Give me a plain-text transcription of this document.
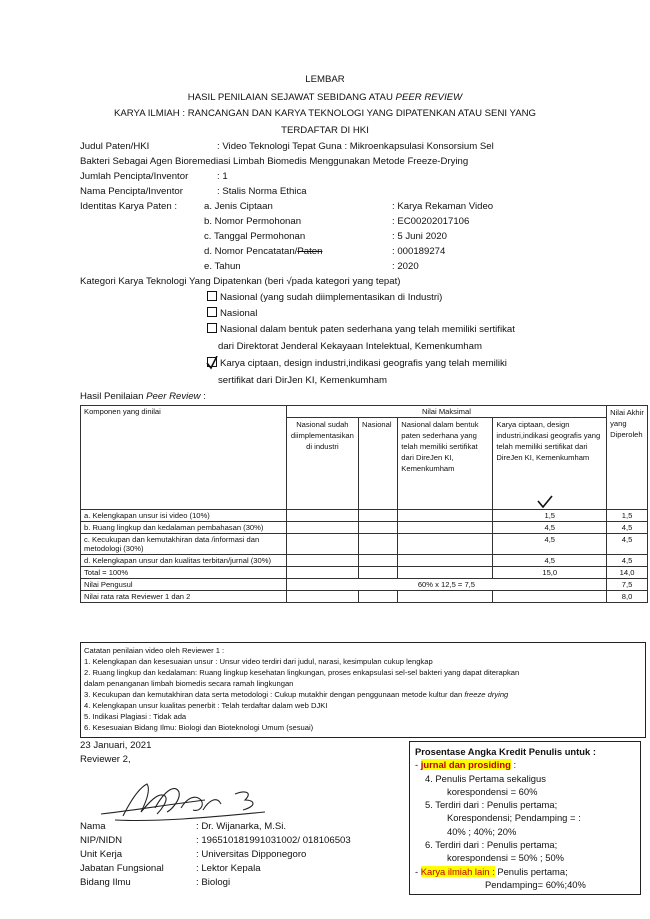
LEMBAR
HASIL PENILAIAN SEJAWAT SEBIDANG ATAU PEER REVIEW
KARYA ILMIAH : RANCANGAN DAN KARYA TEKNOLOGI YANG DIPATENKAN ATAU SENI YANG
TERDAFTAR DI HKI
Judul Paten/HKI	: Video Teknologi Tepat Guna : Mikroenkapsulasi Konsorsium Sel
Bakteri Sebagai Agen Bioremediasi Limbah Biomedis Menggunakan Metode Freeze-Drying
Jumlah Pencipta/Inventor	: 1
Nama Pencipta/Inventor	: Stalis Norma Ethica
Identitas Karya Paten :	a. Jenis Ciptaan	: Karya Rekaman Video
b. Nomor Permohonan	: EC00202017106
c. Tanggal Permohonan	: 5 Juni 2020
d. Nomor Pencatatan/Paten	: 000189274
e. Tahun	: 2020
Kategori Karya Teknologi Yang Dipatenkan (beri √pada kategori yang tepat)
Nasional (yang sudah diimplementasikan di Industri)
Nasional
Nasional dalam bentuk paten sederhana yang telah memiliki sertifikat
dari Direktorat Jenderal Kekayaan Intelektual, Kemenkumham
Karya ciptaan, design industri,indikasi geografis yang telah memiliki
sertifikat dari DirJen KI, Kemenkumham
Hasil Penilaian Peer Review :
Komponen yang dinilai	Nilai Maksimal				Nilai Akhir yang Diperoleh
	Nasional sudah diimplementasikan di industri	Nasional	Nasional dalam bentuk paten sederhana yang telah memiliki sertifikat dari DireJen KI, Kemenkumham	Karya ciptaan, design industri,indikasi geografis yang telah memiliki sertifikat dari DireJen KI, Kemenkumham	

a. Kelengkapan unsur isi video (10%)				1,5	1,5
b. Ruang lingkup dan kedalaman pembahasan (30%)				4,5	4,5
c. Kecukupan dan kemutakhiran data /informasi dan metodologi (30%)				4,5	4,5
d. Kelengkapan unsur dan kualitas terbitan/jurnal (30%)				4,5	4,5
Total = 100%				15,0	14,0
Nilai Pengusul	60% x 12,5 = 7,5				7,5
Nilai rata rata Reviewer 1 dan 2					8,0
Catatan penilaian video oleh Reviewer 1 :
1. Kelengkapan dan kesesuaian unsur : Unsur video terdiri dari judul, narasi, kesimpulan cukup lengkap
2. Ruang lingkup dan kedalaman: Ruang lingkup kesehatan lingkungan, proses enkapsulasi sel-sel bakteri yang dapat diterapkan
dalam penanganan limbah biomedis secara ramah lingkungan
3. Kecukupan dan kemutakhiran data serta metodologi : Cukup mutakhir dengan penggunaan metode kultur dan freeze drying
4. Kelengkapan unsur kualitas penerbit : Telah terdaftar dalam web DJKI
5. Indikasi Plagiasi : Tidak ada
6. Kesesuaian Bidang Ilmu: Biologi dan Bioteknologi Umum (sesuai)
23 Januari, 2021
Reviewer 2,
Nama	: Dr. Wijanarka, M.Si.
NIP/NIDN	: 196510181991031002/ 0181065​03
Unit Kerja	: Universitas Dipponegoro
Jabatan Fungsional	: Lektor Kepala
Bidang Ilmu	: Biologi
Prosentase Angka Kredit Penulis untuk :
- jurnal dan prosiding :
4. Penulis Pertama sekaligus
korespondensi = 60%
5. Terdiri dari : Penulis pertama;
Korespondensi; Pendamping = :
40% ; 40%; 20%
6. Terdiri dari : Penulis pertama;
korespondensi = 50% ; 50%
- Karya ilmiah lain : Penulis pertama;
Pendamping= 60%;40%
